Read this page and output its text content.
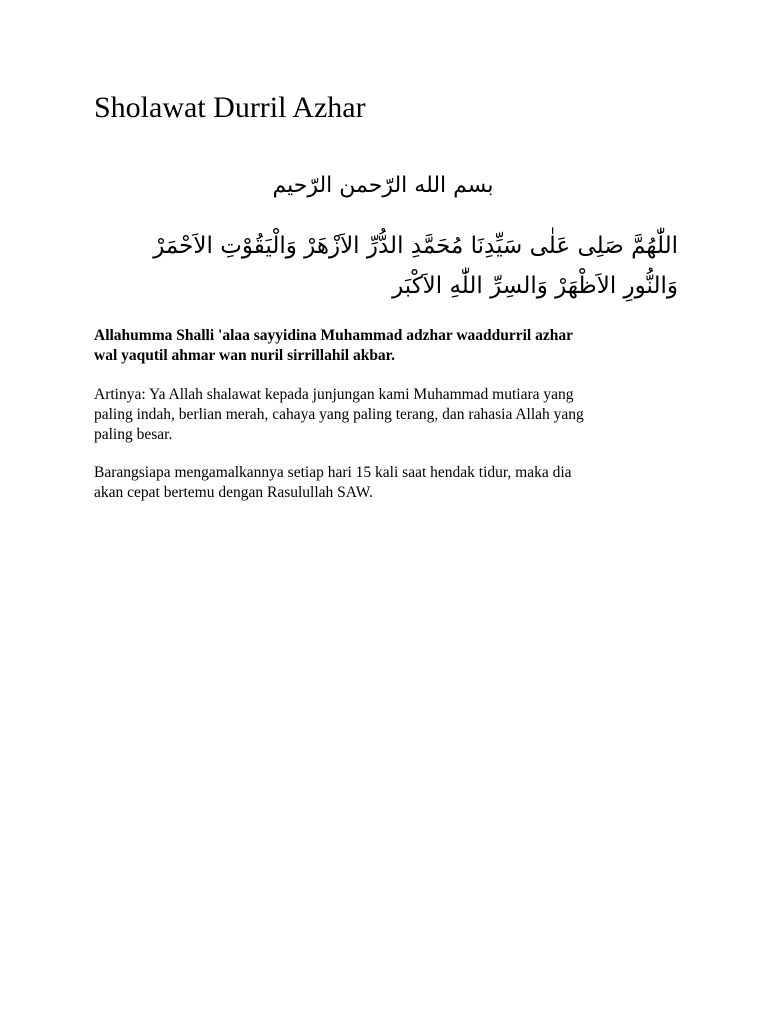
Sholawat Durril Azhar

بسم الله الرّحمن الرّحيم

اللّٰهُمَّ صَلِى عَلٰى سَيِّدِنَا مُحَمَّدِ الدُّرِّ الاَزْهَرْ وَالْيَقُوْتِ الاَحْمَرْ
وَالنُّورِ الاَظْهَرْ وَالسِرِّ اللّٰهِ الاَكْبَر

Allahumma Shalli 'alaa sayyidina Muhammad adzhar waaddurril azhar
wal yaqutil ahmar wan nuril sirrillahil akbar.

Artinya: Ya Allah shalawat kepada junjungan kami Muhammad mutiara yang
paling indah, berlian merah, cahaya yang paling terang, dan rahasia Allah yang
paling besar.

Barangsiapa mengamalkannya setiap hari 15 kali saat hendak tidur, maka dia
akan cepat bertemu dengan Rasulullah SAW.
